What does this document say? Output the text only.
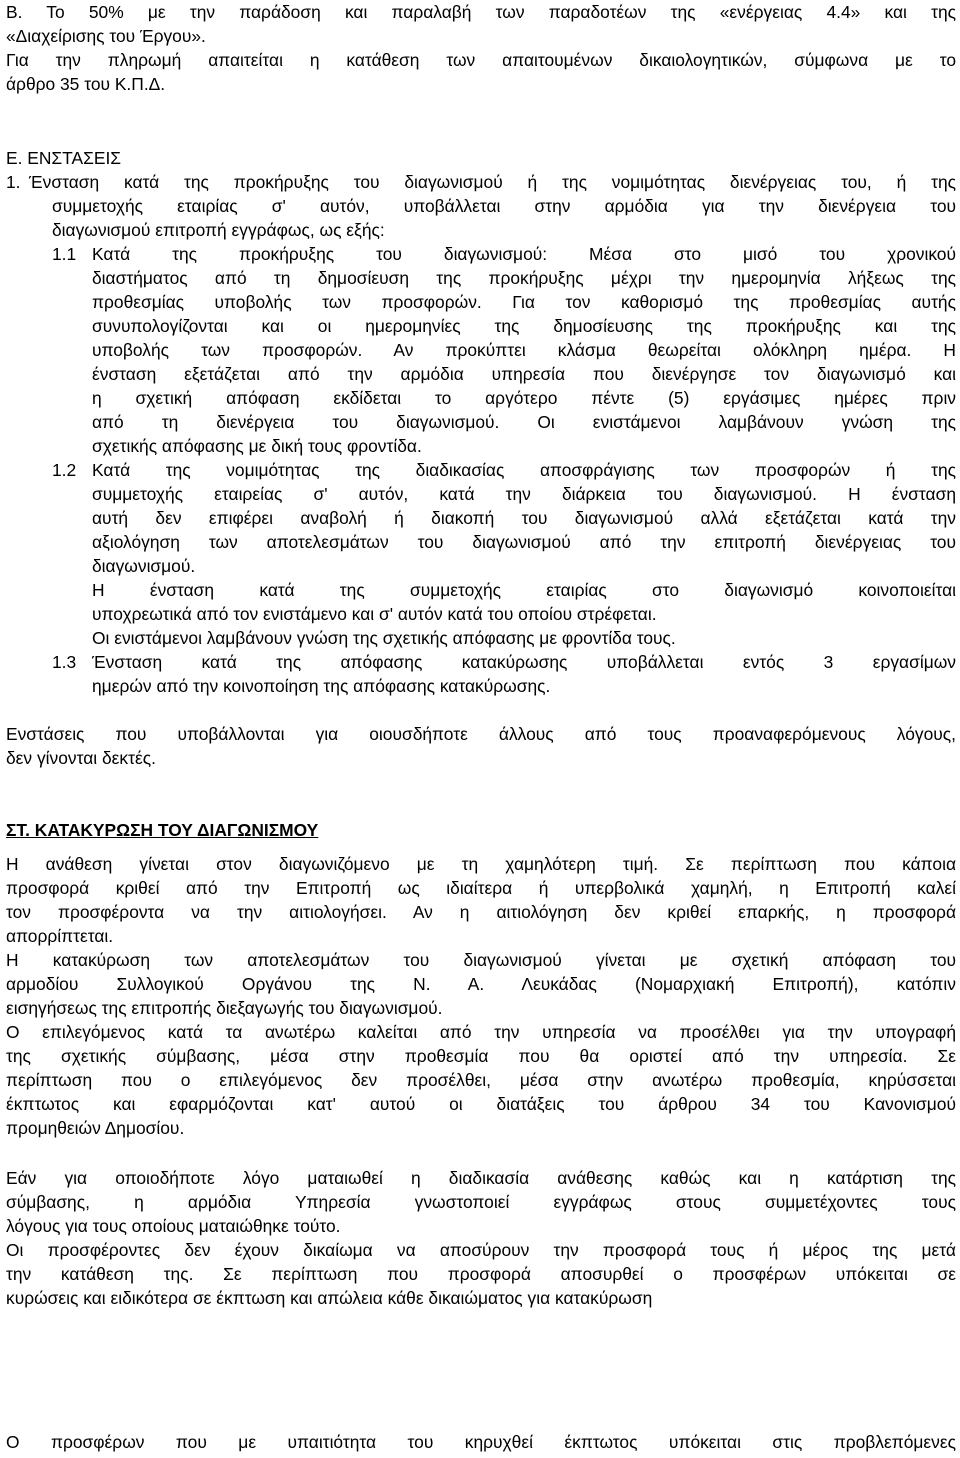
Β. Το 50% με την παράδοση και παραλαβή των παραδοτέων της «ενέργειας 4.4» και της
«Διαχείρισης του Έργου».
Για την πληρωμή απαιτείται η κατάθεση των απαιτουμένων δικαιολογητικών, σύμφωνα με το
άρθρο 35 του Κ.Π.Δ.
Ε. ΕΝΣΤΑΣΕΙΣ
1. Ένσταση κατά της προκήρυξης του διαγωνισμού ή της νομιμότητας διενέργειας του, ή της
συμμετοχής εταιρίας σ' αυτόν, υποβάλλεται στην αρμόδια για την διενέργεια του
διαγωνισμού επιτροπή εγγράφως, ως εξής:
1.1 Κατά της προκήρυξης του διαγωνισμού: Μέσα στο μισό του χρονικού
διαστήματος από τη δημοσίευση της προκήρυξης μέχρι την ημερομηνία λήξεως της
προθεσμίας υποβολής των προσφορών. Για τον καθορισμό της προθεσμίας αυτής
συνυπολογίζονται και οι ημερομηνίες της δημοσίευσης της προκήρυξης και της
υποβολής των προσφορών. Αν προκύπτει κλάσμα θεωρείται ολόκληρη ημέρα. Η
ένσταση εξετάζεται από την αρμόδια υπηρεσία που διενέργησε τον διαγωνισμό και
η σχετική απόφαση εκδίδεται το αργότερο πέντε (5) εργάσιμες ημέρες πριν
από τη διενέργεια του διαγωνισμού. Οι ενιστάμενοι λαμβάνουν γνώση της
σχετικής απόφασης με δική τους φροντίδα.
1.2 Κατά της νομιμότητας της διαδικασίας αποσφράγισης των προσφορών ή της
συμμετοχής εταιρείας σ' αυτόν, κατά την διάρκεια του διαγωνισμού. Η ένσταση
αυτή δεν επιφέρει αναβολή ή διακοπή του διαγωνισμού αλλά εξετάζεται κατά την
αξιολόγηση των αποτελεσμάτων του διαγωνισμού από την επιτροπή διενέργειας του
διαγωνισμού.
Η ένσταση κατά της συμμετοχής εταιρίας στο διαγωνισμό κοινοποιείται
υποχρεωτικά από τον ενιστάμενο και σ' αυτόν κατά του οποίου στρέφεται.
Οι ενιστάμενοι λαμβάνουν γνώση της σχετικής απόφασης με φροντίδα τους.
1.3 Ένσταση κατά της απόφασης κατακύρωσης υποβάλλεται εντός 3 εργασίμων
ημερών από την κοινοποίηση της απόφασης κατακύρωσης.
Ενστάσεις που υποβάλλονται για οιουσδήποτε άλλους από τους προαναφερόμενους λόγους,
δεν γίνονται δεκτές.
ΣΤ. ΚΑΤΑΚΥΡΩΣΗ ΤΟΥ ΔΙΑΓΩΝΙΣΜΟΥ
Η ανάθεση γίνεται στον διαγωνιζόμενο με τη χαμηλότερη τιμή. Σε περίπτωση που κάποια
προσφορά κριθεί από την Επιτροπή ως ιδιαίτερα ή υπερβολικά χαμηλή, η Επιτροπή καλεί
τον προσφέροντα να την αιτιολογήσει. Αν η αιτιολόγηση δεν κριθεί επαρκής, η προσφορά
απορρίπτεται.
Η κατακύρωση των αποτελεσμάτων του διαγωνισμού γίνεται με σχετική απόφαση του
αρμοδίου Συλλογικού Οργάνου της Ν. Α. Λευκάδας (Νομαρχιακή Επιτροπή), κατόπιν
εισηγήσεως της επιτροπής διεξαγωγής του διαγωνισμού.
Ο επιλεγόμενος κατά τα ανωτέρω καλείται από την υπηρεσία να προσέλθει για την υπογραφή
της σχετικής σύμβασης, μέσα στην προθεσμία που θα οριστεί από την υπηρεσία. Σε
περίπτωση που ο επιλεγόμενος δεν προσέλθει, μέσα στην ανωτέρω προθεσμία, κηρύσσεται
έκπτωτος και εφαρμόζονται κατ' αυτού οι διατάξεις του άρθρου 34 του Κανονισμού
προμηθειών Δημοσίου.
Εάν για οποιοδήποτε λόγο ματαιωθεί η διαδικασία ανάθεσης καθώς και η κατάρτιση της
σύμβασης, η αρμόδια Υπηρεσία γνωστοποιεί εγγράφως στους συμμετέχοντες τους
λόγους για τους οποίους ματαιώθηκε τούτο.
Οι προσφέροντες δεν έχουν δικαίωμα να αποσύρουν την προσφορά τους ή μέρος της μετά
την κατάθεση της. Σε περίπτωση που προσφορά αποσυρθεί ο προσφέρων υπόκειται σε
κυρώσεις και ειδικότερα σε έκπτωση και απώλεια κάθε δικαιώματος για κατακύρωση
Ο προσφέρων που με υπαιτιότητα του κηρυχθεί έκπτωτος υπόκειται στις προβλεπόμενες
